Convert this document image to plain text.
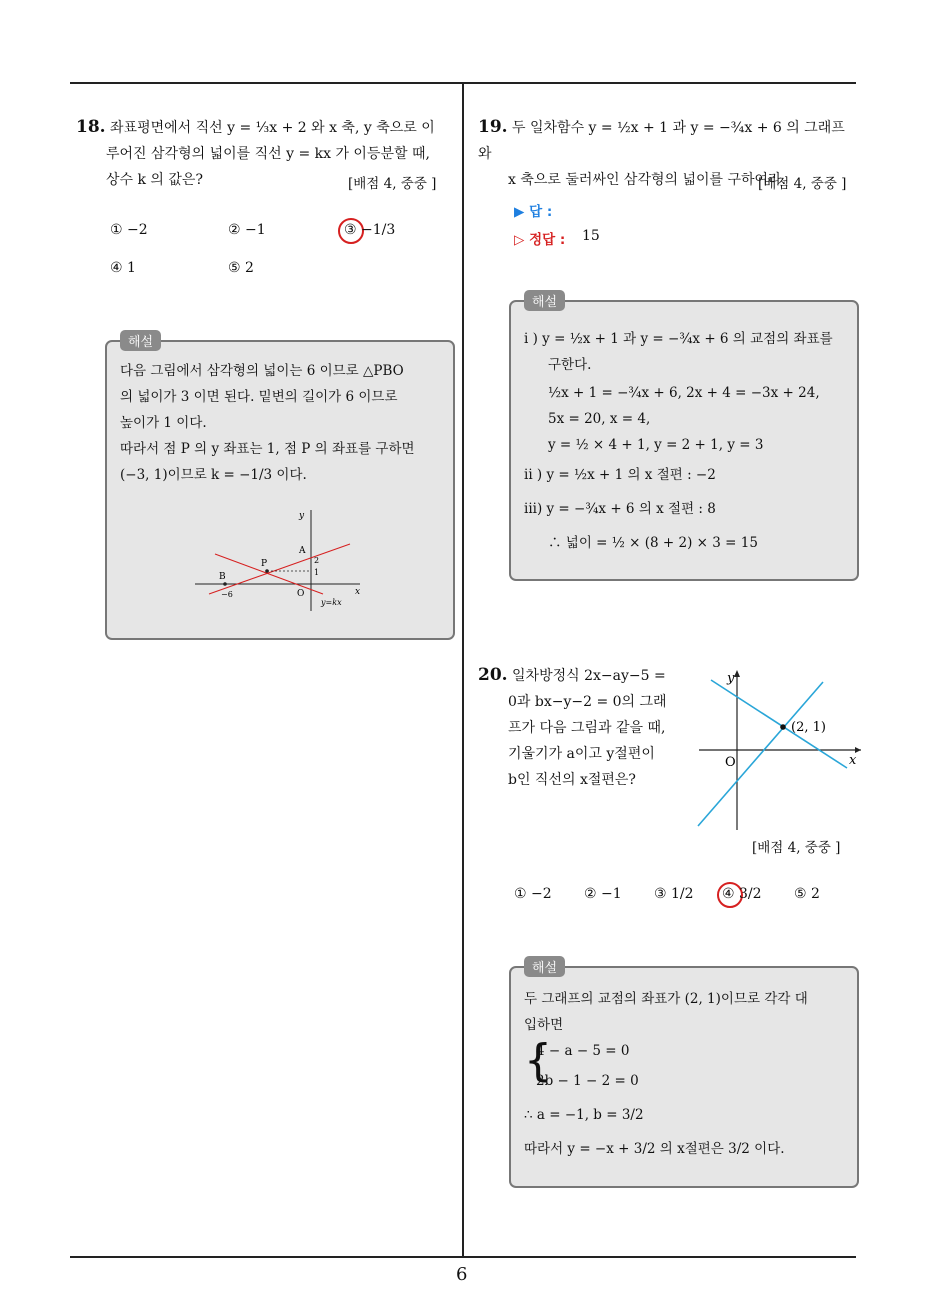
6
18. 좌표평면에서 직선 y = ⅓x + 2 와 x 축, y 축으로 이
루어진 삼각형의 넓이를 직선 y = kx 가 이등분할 때,
상수 k 의 값은?	[배점 4, 중중 ]
① −2	② −1	③ −1/3
④ 1	⑤ 2
해설
다음 그림에서 삼각형의 넓이는 6 이므로 △PBO
의 넓이가 3 이면 된다. 밑변의 길이가 6 이므로
높이가 1 이다.
따라서 점 P 의 y 좌표는 1, 점 P 의 좌표를 구하면
(−3, 1)이므로 k = −1/3 이다.
y
x
A
P
B
O
2
1
−6
y=kx
19. 두 일차함수 y = ½x + 1 과 y = −¾x + 6 의 그래프와
x 축으로 둘러싸인 삼각형의 넓이를 구하여라.
[배점 4, 중중 ]
▶ 답 :
▷ 정답 : 15
해설
i ) y = ½x + 1 과 y = −¾x + 6 의 교점의 좌표를
구한다.
½x + 1 = −¾x + 6, 2x + 4 = −3x + 24,
5x = 20, x = 4,
y = ½ × 4 + 1, y = 2 + 1, y = 3
ii ) y = ½x + 1 의 x 절편 : −2
iii) y = −¾x + 6 의 x 절편 : 8
∴ 넓이 = ½ × (8 + 2) × 3 = 15
20. 일차방정식 2x−ay−5 =
0과 bx−y−2 = 0의 그래
프가 다음 그림과 같을 때,
기울기가 a이고 y절편이
b인 직선의 x절편은?
y
x
O
(2, 1)
[배점 4, 중중 ]
① −2 ② −1 ③ 1/2 ④ 3/2 ⑤ 2
해설
두 그래프의 교점의 좌표가 (2, 1)이므로 각각 대
입하면
{
4 − a − 5 = 0
2b − 1 − 2 = 0
∴ a = −1, b = 3/2
따라서 y = −x + 3/2 의 x절편은 3/2 이다.
